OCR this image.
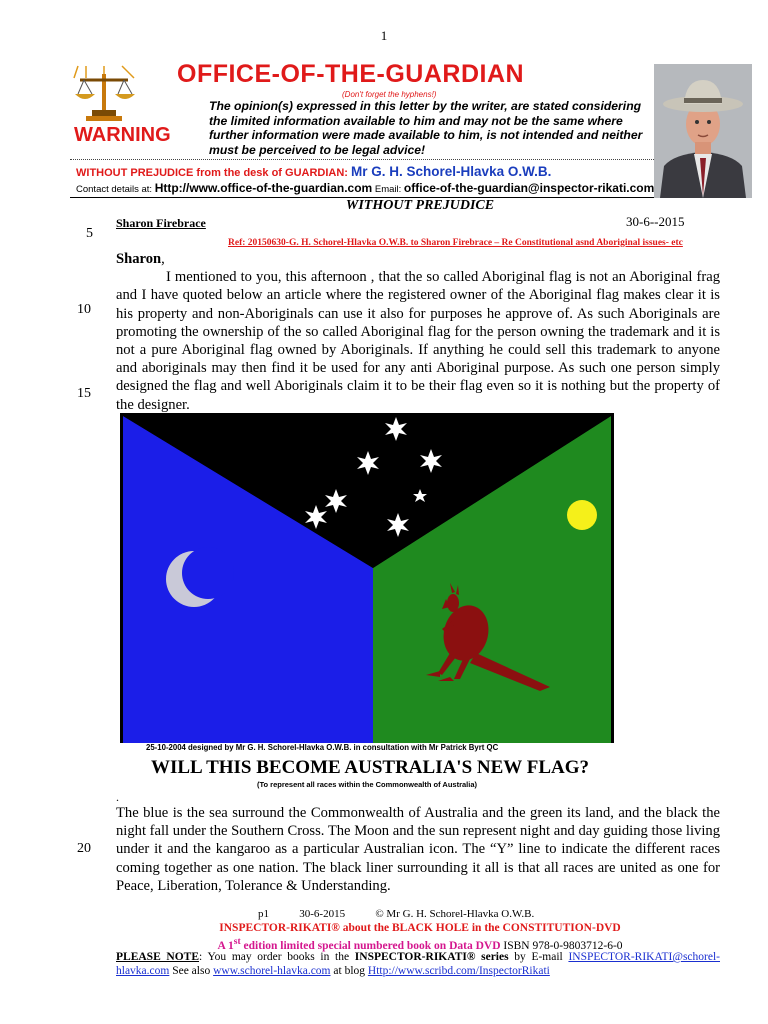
1
OFFICE-OF-THE-GUARDIAN
(Don't forget the hyphens!)
The opinion(s) expressed in this letter by the writer, are stated considering the limited information available to him and may not be the same where further information were made available to him, is not intended and neither must be perceived to be legal advice!
WARNING
WITHOUT PREJUDICE from the desk of GUARDIAN: Mr G. H. Schorel-Hlavka O.W.B.
Contact details at: Http://www.office-of-the-guardian.com Email: office-of-the-guardian@inspector-rikati.com
WITHOUT PREJUDICE
5
Sharon Firebrace	30-6--2015
Ref: 20150630-G. H. Schorel-Hlavka O.W.B. to Sharon Firebrace – Re Constitutional asnd Aboriginal issues- etc
10
15

Sharon,

I mentioned to you, this afternoon , that the so called Aboriginal flag is not an Aboriginal frag and I have quoted below an article where the registered owner of the Aboriginal flag makes clear it is his property and non-Aboriginals can use it also for purposes he approve of. As such Aboriginals are promoting the ownership of the so called Aboriginal flag for the person owning the trademark and it is not a pure Aboriginal flag owned by Aboriginals. If anything he could sell this trademark to anyone and aboriginals may then find it be used for any anti Aboriginal purpose. As such one person simply designed the flag and well Aboriginals claim it to be their flag even so it is nothing but the property of the designer.

25-10-2004 designed by Mr G. H. Schorel-Hlavka O.W.B. in consultation with Mr Patrick Byrt QC
WILL THIS BECOME AUSTRALIA'S NEW FLAG?
(To represent all races within the Commonwealth of Australia)
.
20
The blue is the sea surround the Commonwealth of Australia and the green its land, and the black the night fall under the Southern Cross. The Moon and the sun represent night and day guiding those living under it and the kangaroo as a particular Australian icon. The “Y” line to indicate the different races coming together as one nation. The black liner surrounding it all is that all races are united as one for Peace, Liberation, Tolerance & Understanding.
p1	30-6-2015	© Mr G. H. Schorel-Hlavka O.W.B.
INSPECTOR-RIKATI® about the BLACK HOLE in the CONSTITUTION-DVD
A 1st edition limited special numbered book on Data DVD ISBN 978-0-9803712-6-0
PLEASE NOTE: You may order books in the INSPECTOR-RIKATI® series by E-mail INSPECTOR-RIKATI@schorel-hlavka.com See also www.schorel-hlavka.com at blog Http://www.scribd.com/InspectorRikati
